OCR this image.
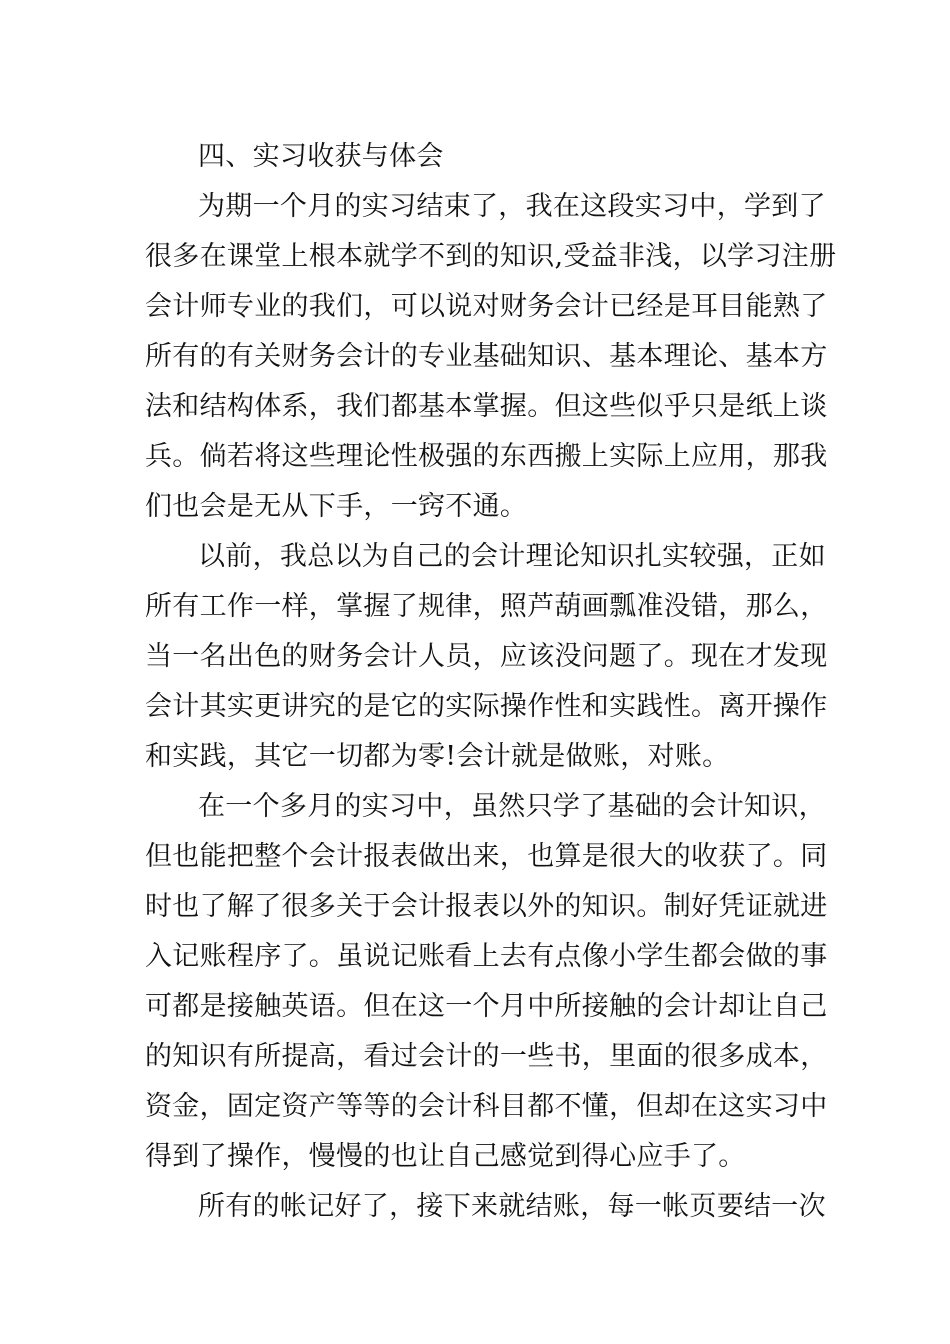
四、实习收获与体会
为期一个月的实习结束了，我在这段实习中，学到了
很多在课堂上根本就学不到的知识,受益非浅，以学习注册
会计师专业的我们，可以说对财务会计已经是耳目能熟了
所有的有关财务会计的专业基础知识、基本理论、基本方
法和结构体系，我们都基本掌握。但这些似乎只是纸上谈
兵。倘若将这些理论性极强的东西搬上实际上应用，那我
们也会是无从下手，一窍不通。
以前，我总以为自己的会计理论知识扎实较强，正如
所有工作一样，掌握了规律，照芦葫画瓢准没错，那么，
当一名出色的财务会计人员，应该没问题了。现在才发现
会计其实更讲究的是它的实际操作性和实践性。离开操作
和实践，其它一切都为零!会计就是做账，对账。
在一个多月的实习中，虽然只学了基础的会计知识，
但也能把整个会计报表做出来，也算是很大的收获了。同
时也了解了很多关于会计报表以外的知识。制好凭证就进
入记账程序了。虽说记账看上去有点像小学生都会做的事
可都是接触英语。但在这一个月中所接触的会计却让自己
的知识有所提高，看过会计的一些书，里面的很多成本，
资金，固定资产等等的会计科目都不懂，但却在这实习中
得到了操作，慢慢的也让自己感觉到得心应手了。
所有的帐记好了，接下来就结账，每一帐页要结一次
